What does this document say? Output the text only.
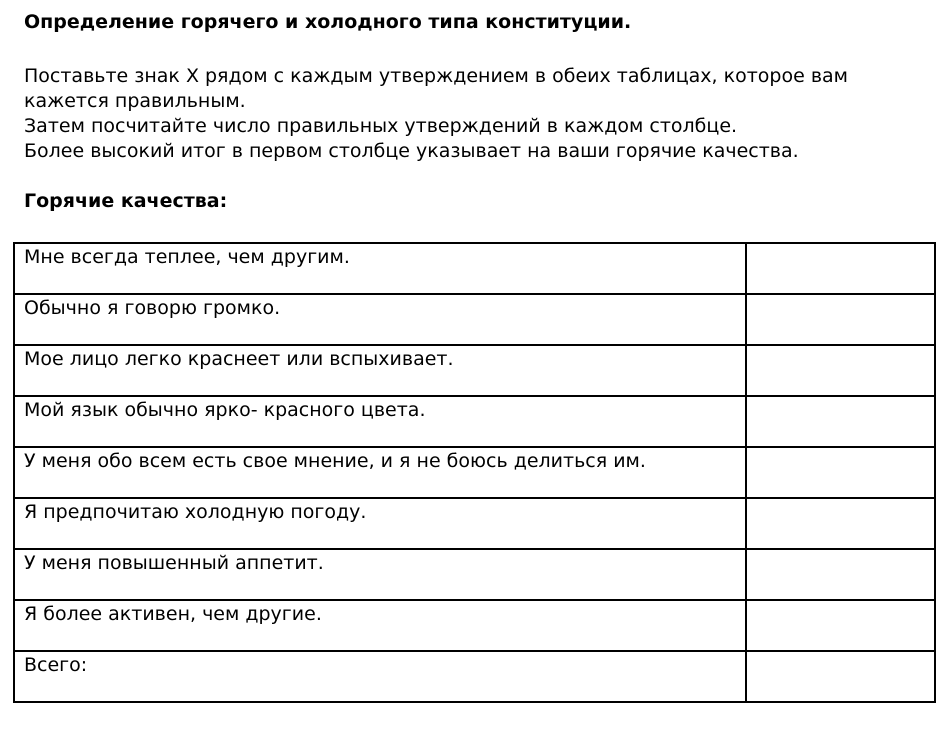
Определение горячего и холодного типа конституции.
Поставьте знак Х рядом с каждым утверждением в обеих таблицах, которое вам
кажется правильным.
Затем посчитайте число правильных утверждений в каждом столбце.
Более высокий итог в первом столбце указывает на ваши горячие качества.
Горячие качества:
Мне всегда теплее, чем другим.	
Обычно я говорю громко.	
Мое лицо легко краснеет или вспыхивает.	
Мой язык обычно ярко- красного цвета.	
У меня обо всем есть свое мнение, и я не боюсь делиться им.	
Я предпочитаю холодную погоду.	
У меня повышенный аппетит.	
Я более активен, чем другие.	
Всего:	
